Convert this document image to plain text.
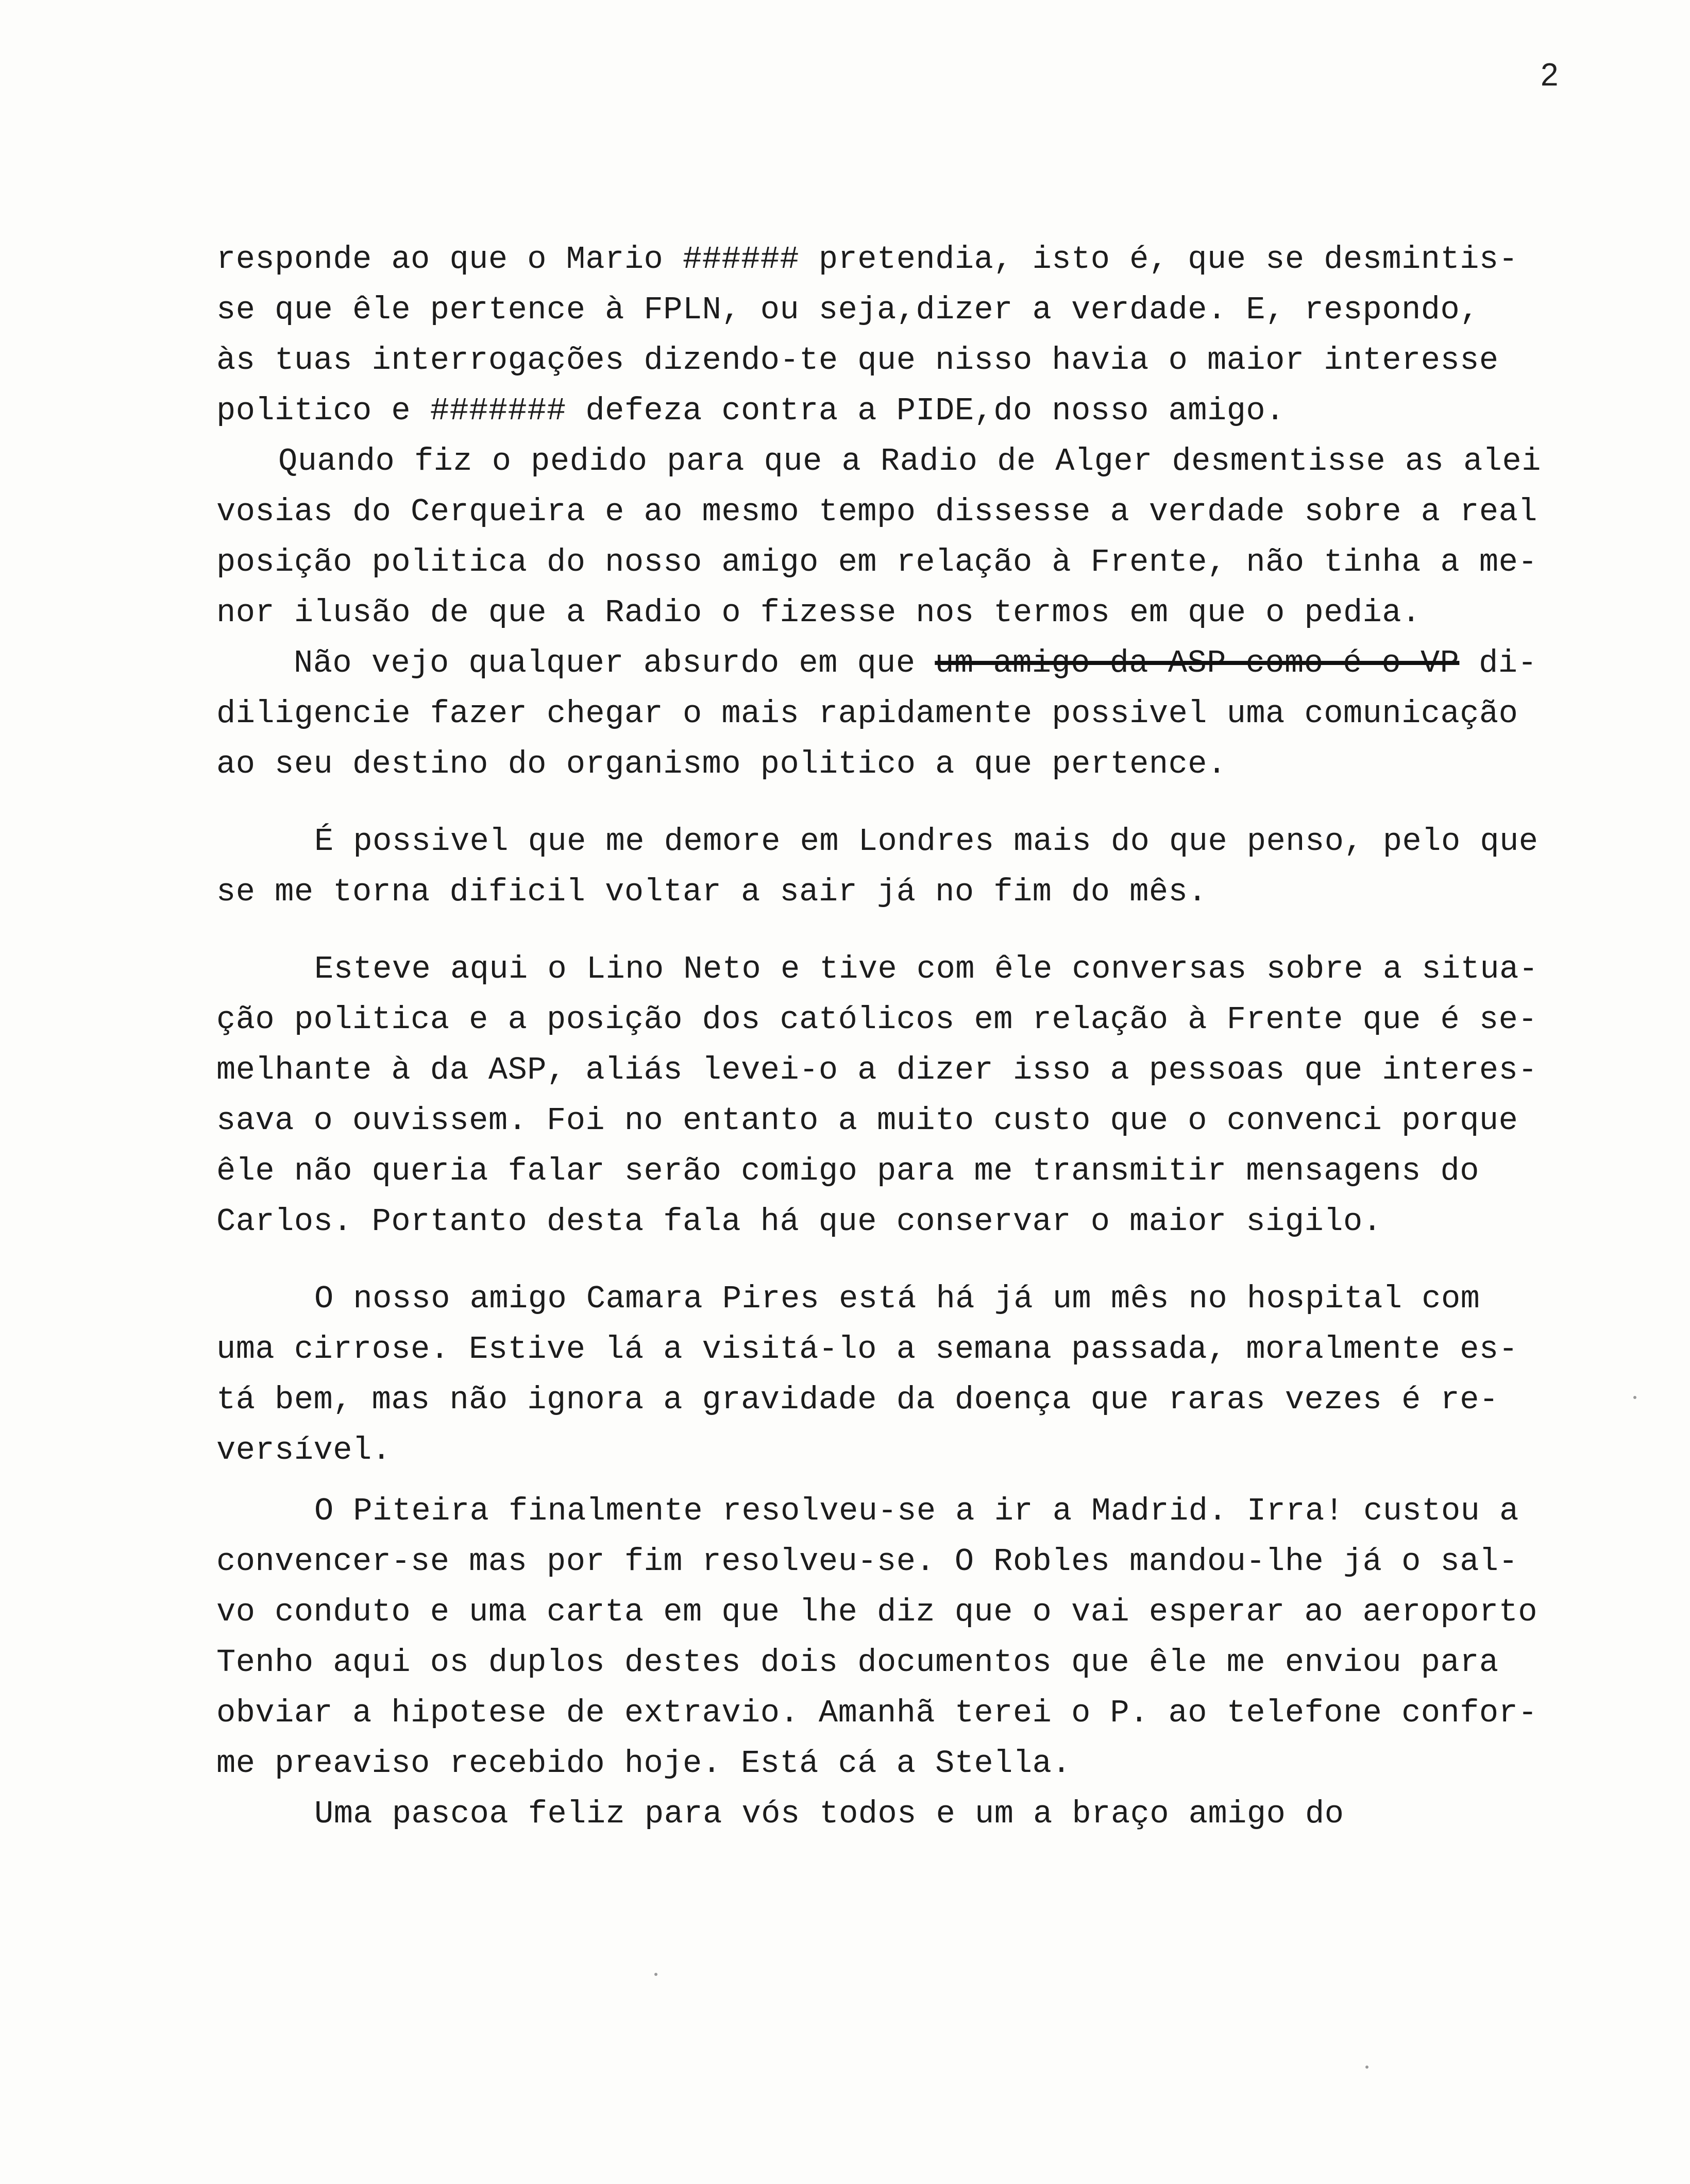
2

responde ao que o Mario ###### pretendia, isto é, que se desmintis-
se que êle pertence à FPLN, ou seja,dizer a verdade. E, respondo,
às tuas interrogações dizendo-te que nisso havia o maior interesse
politico e ####### defeza contra a PIDE,do nosso amigo.

Quando fiz o pedido para que a Radio de Alger desmentisse as alei
vosias do Cerqueira e ao mesmo tempo dissesse a verdade sobre a real
posição politica do nosso amigo em relação à Frente, não tinha a me-
nor ilusão de que a Radio o fizesse nos termos em que o pedia.

Não vejo qualquer absurdo em que um amigo da ASP como é o VP di-
diligencie fazer chegar o mais rapidamente possivel uma comunicação
ao seu destino do organismo politico a que pertence.

É possivel que me demore em Londres mais do que penso, pelo que
se me torna dificil voltar a sair já no fim do mês.

Esteve aqui o Lino Neto e tive com êle conversas sobre a situa-
ção politica e a posição dos católicos em relação à Frente que é se-
melhante à da ASP, aliás levei-o a dizer isso a pessoas que interes-
sava o ouvissem. Foi no entanto a muito custo que o convenci porque
êle não queria falar serão comigo para me transmitir mensagens do
Carlos. Portanto desta fala há que conservar o maior sigilo.

O nosso amigo Camara Pires está há já um mês no hospital com
uma cirrose. Estive lá a visitá-lo a semana passada, moralmente es-
tá bem, mas não ignora a gravidade da doença que raras vezes é re-
versível.

O Piteira finalmente resolveu-se a ir a Madrid. Irra! custou a
convencer-se mas por fim resolveu-se. O Robles mandou-lhe já o sal-
vo conduto e uma carta em que lhe diz que o vai esperar ao aeroporto
Tenho aqui os duplos destes dois documentos que êle me enviou para
obviar a hipotese de extravio. Amanhã terei o P. ao telefone confor-
me preaviso recebido hoje. Está cá a Stella.

Uma pascoa feliz para vós todos e um a braço amigo do
